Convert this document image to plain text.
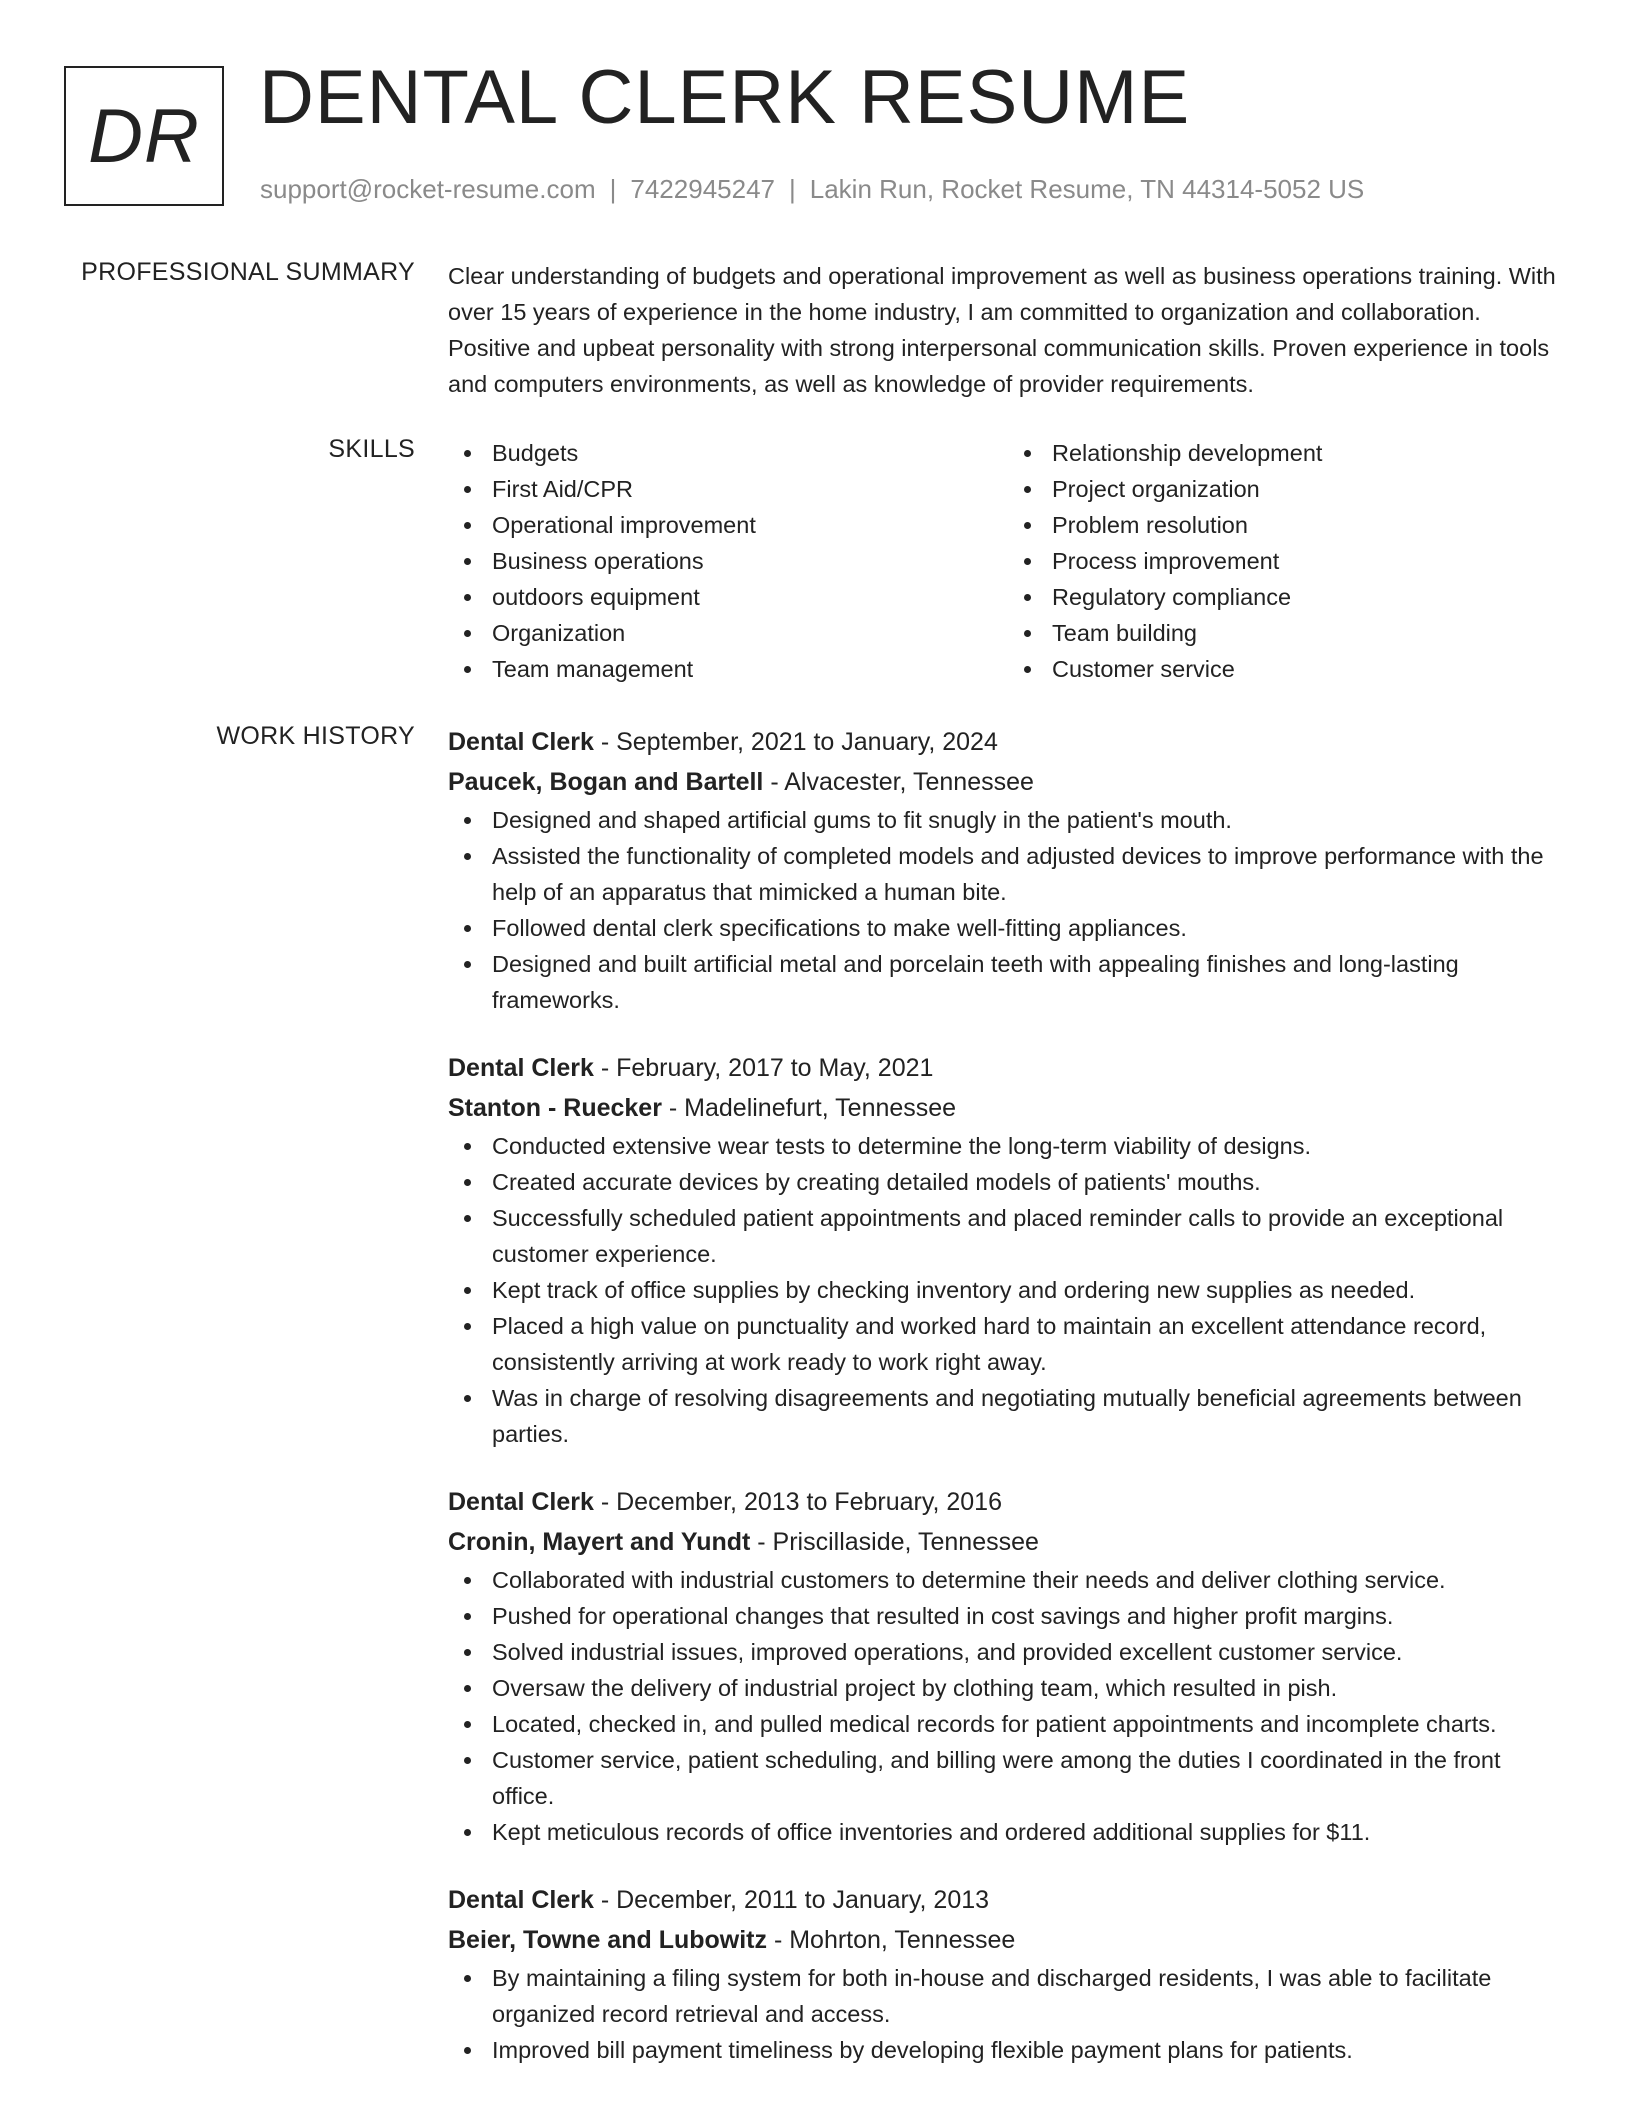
DR DENTAL CLERK RESUME
support@rocket-resume.com | 7422945247 | Lakin Run, Rocket Resume, TN 44314-5052 US
PROFESSIONAL SUMMARY Clear understanding of budgets and operational improvement as well as business operations training. With over 15 years of experience in the home industry, I am committed to organization and collaboration. Positive and upbeat personality with strong interpersonal communication skills. Proven experience in tools and computers environments, as well as knowledge of provider requirements.

SKILLS	Budgets
First Aid/CPR
Operational improvement
Business operations
outdoors equipment
Organization
Team management
Relationship development
Project organization
Problem resolution
Process improvement
Regulatory compliance
Team building
Customer service
WORK HISTORY Dental Clerk - September, 2021 to January, 2024
Paucek, Bogan and Bartell - Alvacester, Tennessee
Designed and shaped artificial gums to fit snugly in the patient's mouth.
Assisted the functionality of completed models and adjusted devices to improve performance with the help of an apparatus that mimicked a human bite.
Followed dental clerk specifications to make well-fitting appliances.
Designed and built artificial metal and porcelain teeth with appealing finishes and long-lasting frameworks.
Dental Clerk - February, 2017 to May, 2021
Stanton - Ruecker - Madelinefurt, Tennessee
Conducted extensive wear tests to determine the long-term viability of designs.
Created accurate devices by creating detailed models of patients' mouths.
Successfully scheduled patient appointments and placed reminder calls to provide an exceptional customer experience.
Kept track of office supplies by checking inventory and ordering new supplies as needed.
Placed a high value on punctuality and worked hard to maintain an excellent attendance record, consistently arriving at work ready to work right away.
Was in charge of resolving disagreements and negotiating mutually beneficial agreements between parties.
Dental Clerk - December, 2013 to February, 2016
Cronin, Mayert and Yundt - Priscillaside, Tennessee
Collaborated with industrial customers to determine their needs and deliver clothing service.
Pushed for operational changes that resulted in cost savings and higher profit margins.
Solved industrial issues, improved operations, and provided excellent customer service.
Oversaw the delivery of industrial project by clothing team, which resulted in pish.
Located, checked in, and pulled medical records for patient appointments and incomplete charts.
Customer service, patient scheduling, and billing were among the duties I coordinated in the front office.
Kept meticulous records of office inventories and ordered additional supplies for $11.
Dental Clerk - December, 2011 to January, 2013
Beier, Towne and Lubowitz - Mohrton, Tennessee
By maintaining a filing system for both in-house and discharged residents, I was able to facilitate organized record retrieval and access.
Improved bill payment timeliness by developing flexible payment plans for patients.
